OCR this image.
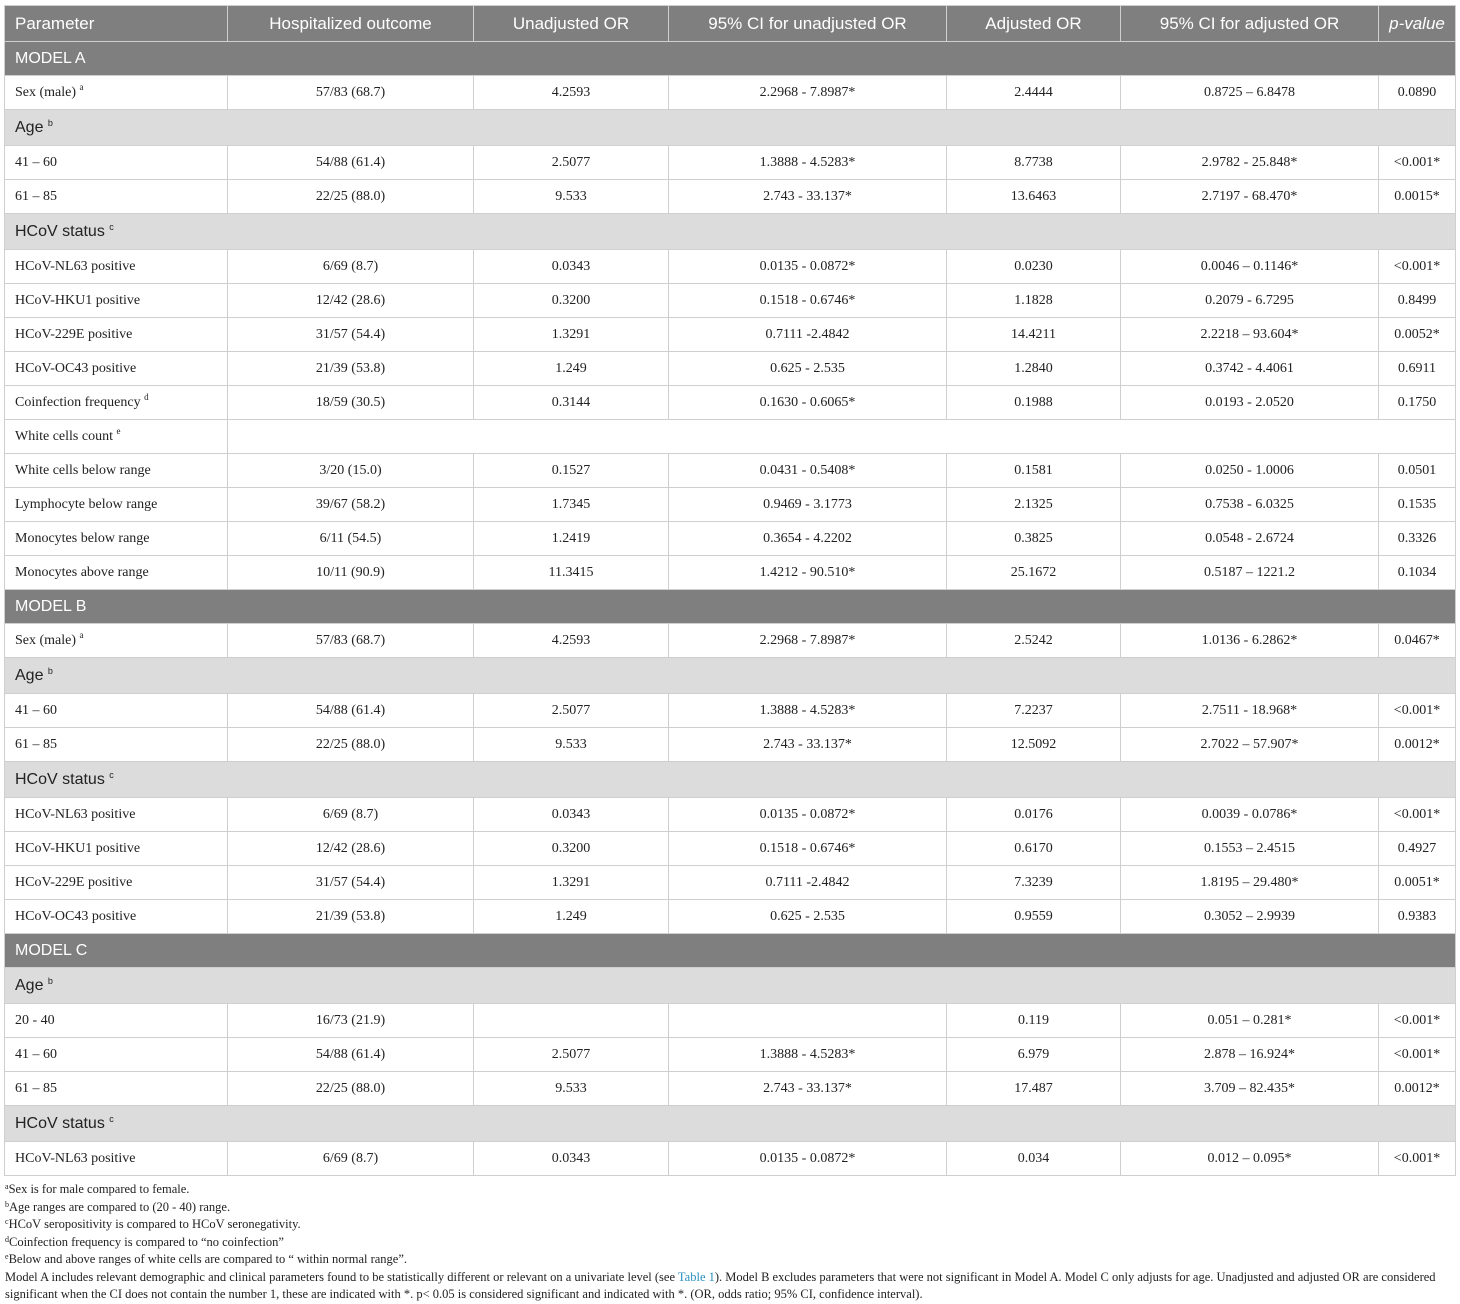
Parameter	Hospitalized outcome	Unadjusted OR	95% CI for unadjusted OR	Adjusted OR	95% CI for adjusted OR	p-value
MODEL A						
Sex (male) $^a$	57/83 (68.7)	4.2593	2.2968 - 7.8987*	2.4444	0.8725 – 6.8478	0.0890
Age $^b$
41 – 60	54/88 (61.4)	2.5077	1.3888 - 4.5283*	8.7738	2.9782 - 25.848*	<0.001*
61 – 85	22/25 (88.0)	9.533	2.743 - 33.137*	13.6463	2.7197 - 68.470*	0.0015*
HCoV status $^c$
HCoV-NL63 positive	6/69 (8.7)	0.0343	0.0135 - 0.0872*	0.0230	0.0046 – 0.1146*	<0.001*
HCoV-HKU1 positive	12/42 (28.6)	0.3200	0.1518 - 0.6746*	1.1828	0.2079 - 6.7295	0.8499
HCoV-229E positive	31/57 (54.4)	1.3291	0.7111 -2.4842	14.4211	2.2218 – 93.604*	0.0052*
HCoV-OC43 positive	21/39 (53.8)	1.249	0.625 - 2.535	1.2840	0.3742 - 4.4061	0.6911
Coinfection frequency $^d$	18/59 (30.5)	0.3144	0.1630 - 0.6065*	0.1988	0.0193 - 2.0520	0.1750
White cells count $^e$	
White cells below range	3/20 (15.0)	0.1527	0.0431 - 0.5408*	0.1581	0.0250 - 1.0006	0.0501
Lymphocyte below range	39/67 (58.2)	1.7345	0.9469 - 3.1773	2.1325	0.7538 - 6.0325	0.1535
Monocytes below range	6/11 (54.5)	1.2419	0.3654 - 4.2202	0.3825	0.0548 - 2.6724	0.3326
Monocytes above range	10/11 (90.9)	11.3415	1.4212 - 90.510*	25.1672	0.5187 – 1221.2	0.1034
MODEL B						
Sex (male) $^a$	57/83 (68.7)	4.2593	2.2968 - 7.8987*	2.5242	1.0136 - 6.2862*	0.0467*
Age $^b$
41 – 60	54/88 (61.4)	2.5077	1.3888 - 4.5283*	7.2237	2.7511 - 18.968*	<0.001*
61 – 85	22/25 (88.0)	9.533	2.743 - 33.137*	12.5092	2.7022 – 57.907*	0.0012*
HCoV status $^c$
HCoV-NL63 positive	6/69 (8.7)	0.0343	0.0135 - 0.0872*	0.0176	0.0039 - 0.0786*	<0.001*
HCoV-HKU1 positive	12/42 (28.6)	0.3200	0.1518 - 0.6746*	0.6170	0.1553 – 2.4515	0.4927
HCoV-229E positive	31/57 (54.4)	1.3291	0.7111 -2.4842	7.3239	1.8195 – 29.480*	0.0051*
HCoV-OC43 positive	21/39 (53.8)	1.249	0.625 - 2.535	0.9559	0.3052 – 2.9939	0.9383
MODEL C						
Age $^b$
20 - 40	16/73 (21.9)			0.119	0.051 – 0.281*	<0.001*
41 – 60	54/88 (61.4)	2.5077	1.3888 - 4.5283*	6.979	2.878 – 16.924*	<0.001*
61 – 85	22/25 (88.0)	9.533	2.743 - 33.137*	17.487	3.709 – 82.435*	0.0012*
HCoV status $^c$
HCoV-NL63 positive	6/69 (8.7)	0.0343	0.0135 - 0.0872*	0.034	0.012 – 0.095*	<0.001*
$^a$Sex is for male compared to female.
$^b$Age ranges are compared to (20 - 40) range.
$^c$HCoV seropositivity is compared to HCoV seronegativity.
$^d$Coinfection frequency is compared to “no coinfection”
$^e$Below and above ranges of white cells are compared to “ within normal range”.
Model A includes relevant demographic and clinical parameters found to be statistically different or relevant on a univariate level (see Table 1). Model B excludes parameters that were not significant in Model A. Model C only adjusts for age. Unadjusted and adjusted OR are considered significant when the CI does not contain the number 1, these are indicated with *. p< 0.05 is considered significant and indicated with *. (OR, odds ratio; 95% CI, confidence interval).
